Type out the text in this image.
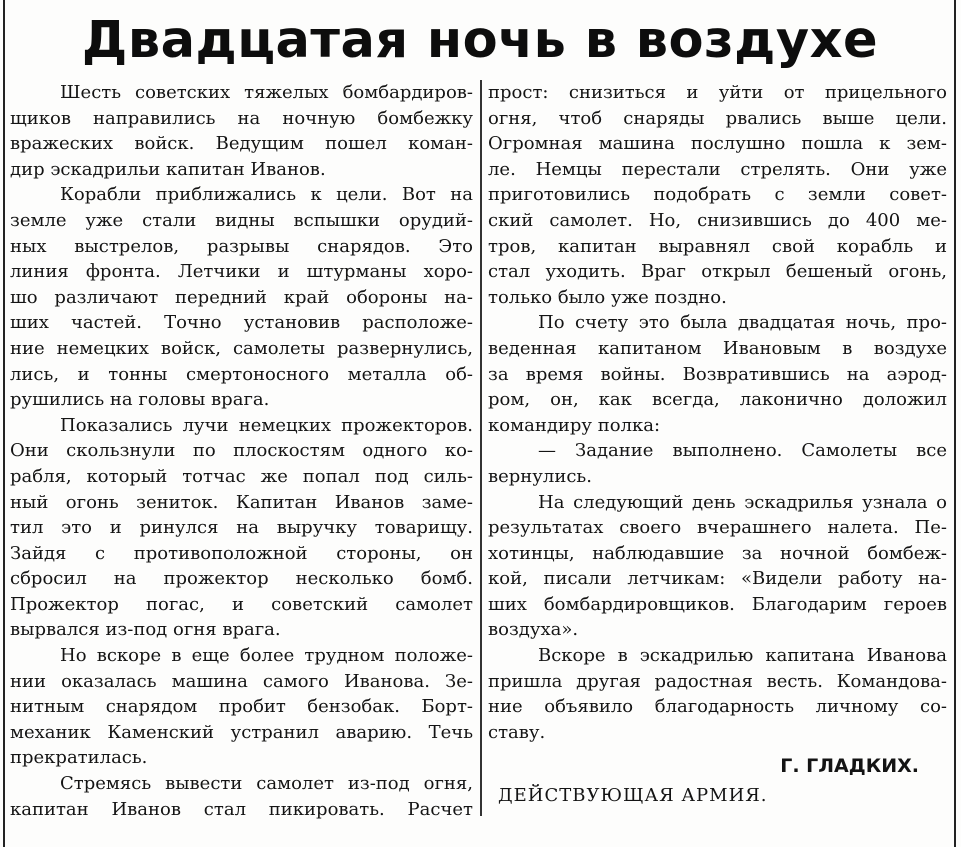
Двадцатая ночь в воздухе
Шесть советских тяжелых бомбардиров-
щиков направились на ночную бомбежку
вражеских войск. Ведущим пошел коман-
дир эскадрильи капитан Иванов.
Корабли приближались к цели. Вот на
земле уже стали видны вспышки орудий-
ных выстрелов, разрывы снарядов. Это
линия фронта. Летчики и штурманы хоро-
шо различают передний край обороны на-
ших частей. Точно установив расположе-
ние немецких войск, самолеты развернулись,
лись, и тонны смертоносного металла об-
рушились на головы врага.
Показались лучи немецких прожекторов.
Они скользнули по плоскостям одного ко-
рабля, который тотчас же попал под силь-
ный огонь зениток. Капитан Иванов заме-
тил это и ринулся на выручку товарищу.
Зайдя с противоположной стороны, он
сбросил на прожектор несколько бомб.
Прожектор погас, и советский самолет
вырвался из-под огня врага.
Но вскоре в еще более трудном положе-
нии оказалась машина самого Иванова. Зе-
нитным снарядом пробит бензобак. Борт-
механик Каменский устранил аварию. Течь
прекратилась.
Стремясь вывести самолет из-под огня,
капитан Иванов стал пикировать. Расчет
прост: снизиться и уйти от прицельного
огня, чтоб снаряды рвались выше цели.
Огромная машина послушно пошла к зем-
ле. Немцы перестали стрелять. Они уже
приготовились подобрать с земли совет-
ский самолет. Но, снизившись до 400 ме-
тров, капитан выравнял свой корабль и
стал уходить. Враг открыл бешеный огонь,
только было уже поздно.
По счету это была двадцатая ночь, про-
веденная капитаном Ивановым в воздухе
за время войны. Возвратившись на аэрод-
ром, он, как всегда, лаконично доложил
командиру полка:
— Задание выполнено. Самолеты все
вернулись.
На следующий день эскадрилья узнала о
результатах своего вчерашнего налета. Пе-
хотинцы, наблюдавшие за ночной бомбеж-
кой, писали летчикам: «Видели работу на-
ших бомбардировщиков. Благодарим героев
воздуха».
Вскоре в эскадрилью капитана Иванова
пришла другая радостная весть. Командова-
ние объявило благодарность личному со-
ставу.
Г. ГЛАДКИХ.
ДЕЙСТВУЮЩАЯ АРМИЯ.
